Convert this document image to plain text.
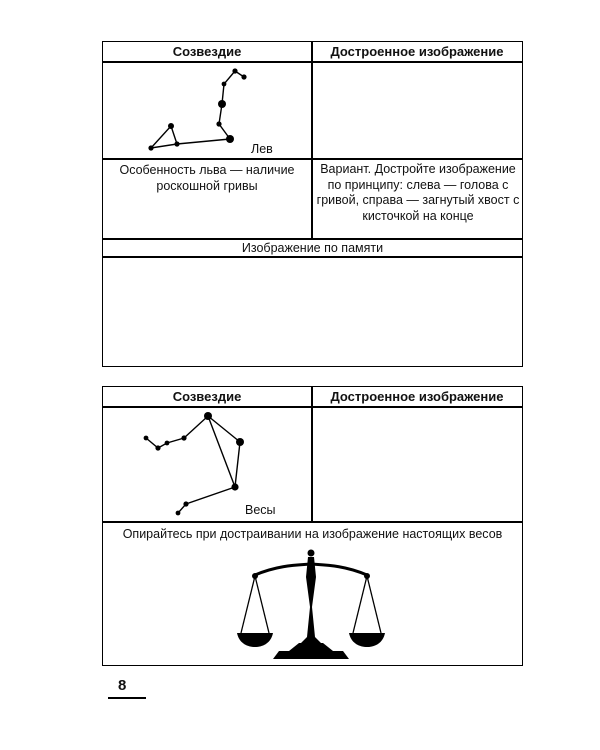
Созвездие	Достроенное изображение
Лев
Особенность льва — наличие роскошной гривы
Вариант. Достройте изображение по принципу: слева — голова с гривой, справа — загнутый хвост с кисточкой на конце
Изображение по памяти
Созвездие	Достроенное изображение
Весы
Опирайтесь при достраивании на изображение настоящих весов
8
